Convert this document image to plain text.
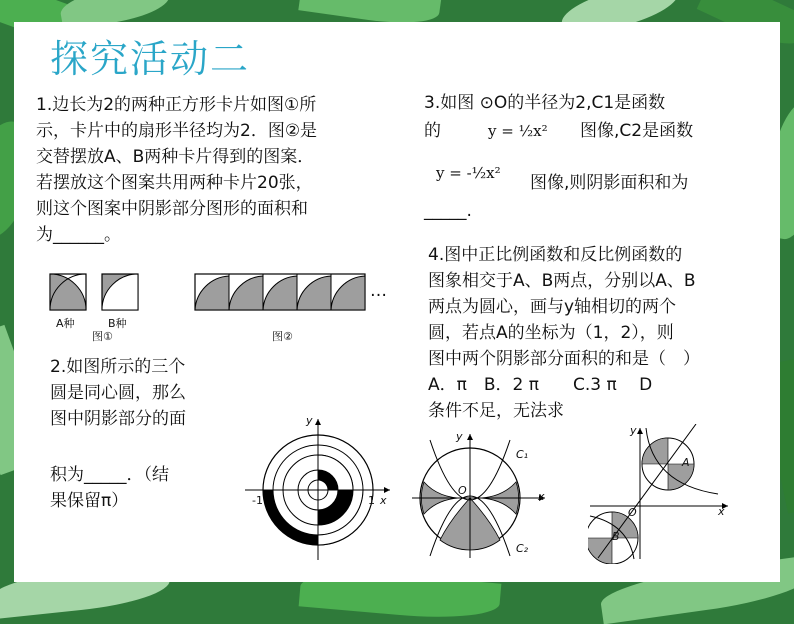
探究活动二
1.边长为2的两种正方形卡片如图①所
示，卡片中的扇形半径均为2．图②是
交替摆放A、B两种卡片得到的图案．
若摆放这个图案共用两种卡片20张，
则这个图案中阴影部分图形的面积和
为______。
A种	B种
图①
…
图②
2.如图所示的三个
圆是同心圆，那么
图中阴影部分的面
积为_____．（结
果保留π）
y
x
-1	1
3.如图 ⊙O的半径为2,C1是函数
的	y = ½x² 图像,C2是函数
y = -½x² 图像,则阴影面积和为
_____.
y
C₁
O	x
C₂
4.图中正比例函数和反比例函数的
图象相交于A、B两点，分别以A、B
两点为圆心，画与y轴相切的两个
圆，若点A的坐标为（1，2），则
图中两个阴影部分面积的和是（　）
A．π　B．2 π　　C.3 π　 D
条件不足，无法求
y
A
O	x
B
